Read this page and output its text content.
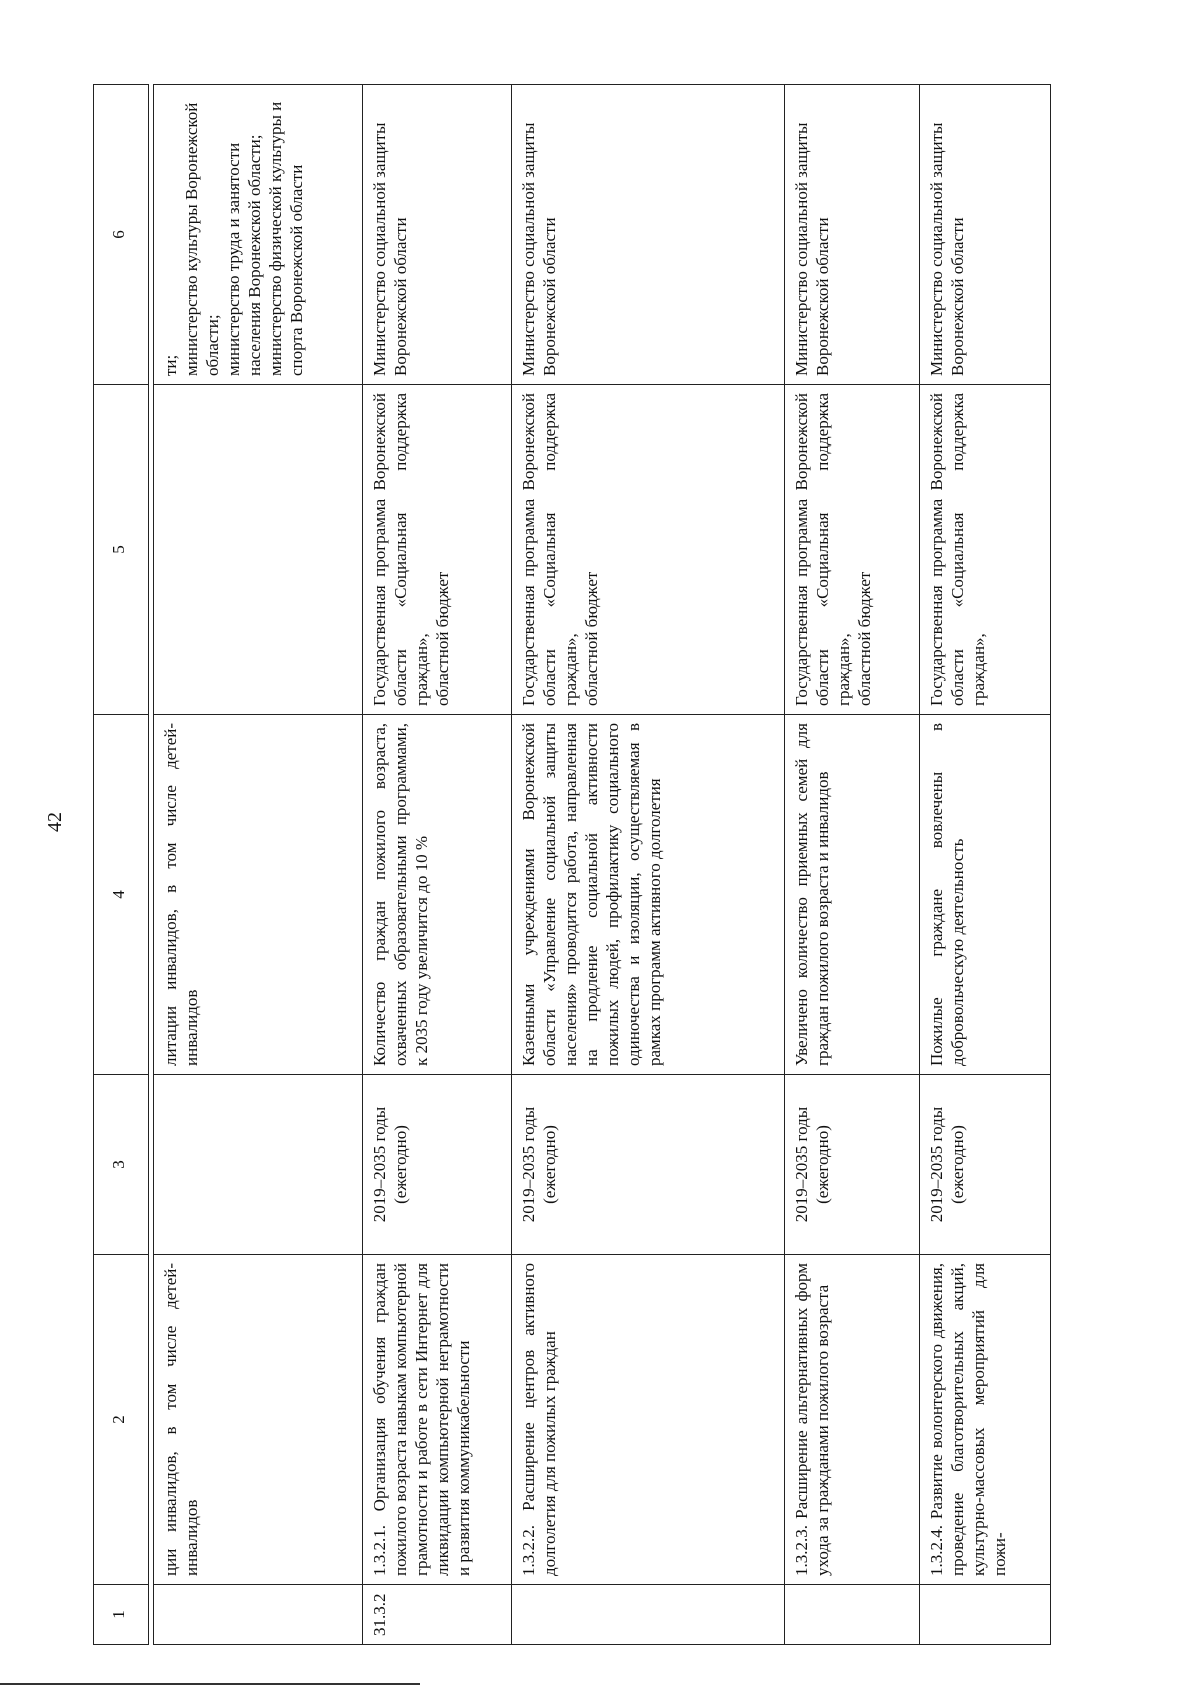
42
1	2	3	4	5	6

	ции инвалидов, в том числе детей-инвалидов		литации инвалидов, в том числе детей-инвалидов		ти;
министерство культуры Воронежской области;
министерство труда и занятости населения Воронежской области;
министерство физической культуры и спорта Воронежской области
31.3.2	1.3.2.1. Организация обучения граждан пожилого возраста навыкам компьютерной грамотности и работе в сети Интернет для ликвидации компьютерной неграмотности и развития коммуникабельности	2019–2035 годы (ежегодно)	Количество граждан пожилого возраста, охваченных образовательными программами, к 2035 году увеличится до 10 %	Государственная программа Воронежской области «Социальная поддержка граждан»,
областной бюджет	Министерство социальной защиты Воронежской области
	1.3.2.2. Расширение центров активного долголетия для пожилых граждан	2019–2035 годы (ежегодно)	Казенными учреждениями Воронежской области «Управление социальной защиты населения» проводится работа, направленная на продление социальной активности пожилых людей, профилактику социального одиночества и изоляции, осуществляемая в рамках программ активного долголетия	Государственная программа Воронежской области «Социальная поддержка граждан»,
областной бюджет	Министерство социальной защиты Воронежской области
	1.3.2.3. Расширение альтернативных форм ухода за гражданами пожилого возраста	2019–2035 годы (ежегодно)	Увеличено количество приемных семей для граждан пожилого возраста и инвалидов	Государственная программа Воронежской области «Социальная поддержка граждан»,
областной бюджет	Министерство социальной защиты Воронежской области
	1.3.2.4. Развитие волонтерского движения, проведение благотворительных акций, культурно-массовых мероприятий для пожи-	2019–2035 годы (ежегодно)	Пожилые граждане вовлечены в добровольческую деятельность	Государственная программа Воронежской области «Социальная поддержка граждан»,	Министерство социальной защиты Воронежской области
